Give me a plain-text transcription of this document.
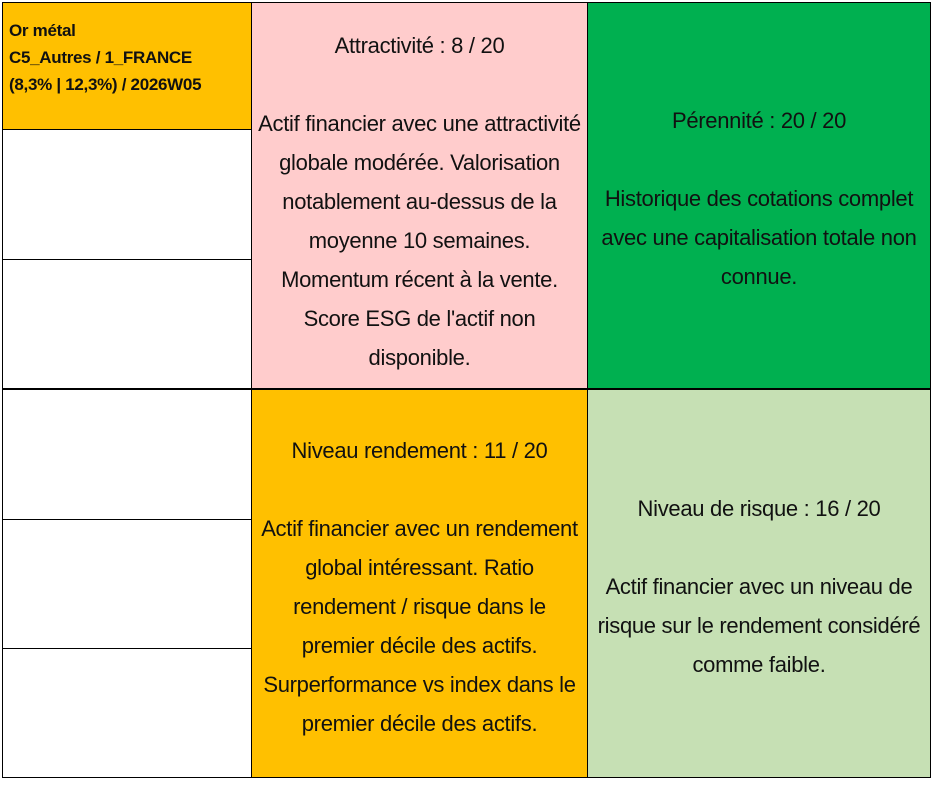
Or métal
C5_Autres / 1_FRANCE
(8,3% | 12,3%) / 2026W05
Attractivité : 8 / 20
Actif financier avec une attractivité globale modérée. Valorisation notablement au-dessus de la moyenne 10 semaines. Momentum récent à la vente. Score ESG de l'actif non disponible.
Pérennité : 20 / 20
Historique des cotations complet avec une capitalisation totale non connue.
Niveau rendement : 11 / 20
Actif financier avec un rendement global intéressant. Ratio rendement / risque dans le premier décile des actifs. Surperformance vs index dans le premier décile des actifs.
Niveau de risque : 16 / 20
Actif financier avec un niveau de risque sur le rendement considéré comme faible.
